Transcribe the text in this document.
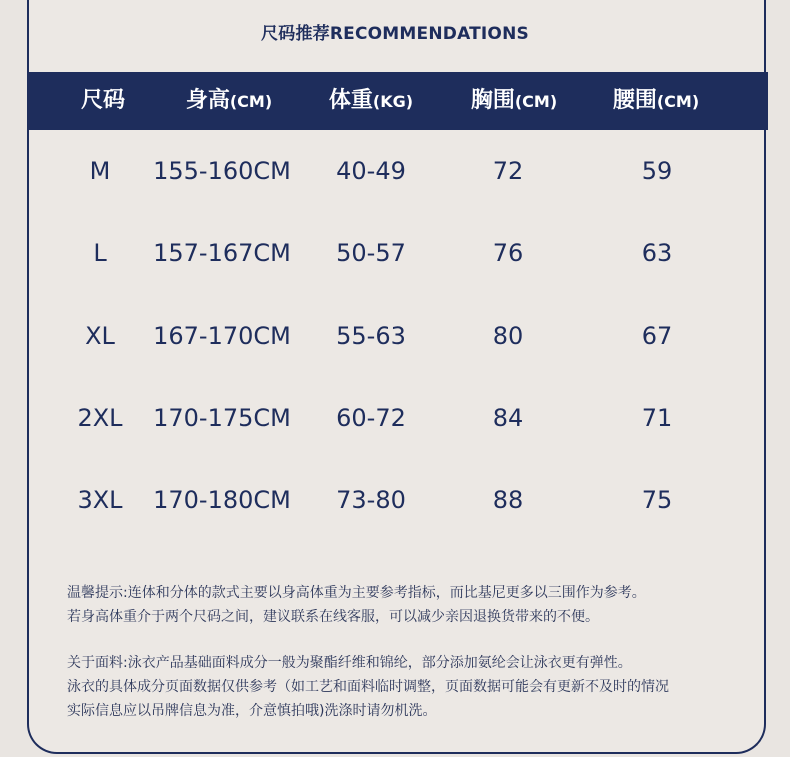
尺码推荐RECOMMENDATIONS
尺码	身高(CM)	体重(KG)	胸围(CM)	腰围(CM)
M 155-160CM 40-49	72	59
L 157-167CM 50-57	76	63
XL 167-170CM 55-63	80	67
2XL 170-175CM 60-72	84	71
3XL 170-180CM 73-80	88	75

温馨提示:连体和分体的款式主要以身高体重为主要参考指标，而比基尼更多以三围作为参考。

若身高体重介于两个尺码之间，建议联系在线客服，可以减少亲因退换货带来的不便。

关于面料:泳衣产品基础面料成分一般为聚酯纤维和锦纶，部分添加氨纶会让泳衣更有弹性。

泳衣的具体成分页面数据仅供参考（如工艺和面料临时调整，页面数据可能会有更新不及时的情况

实际信息应以吊牌信息为准，介意慎拍哦)洗涤时请勿机洗。
